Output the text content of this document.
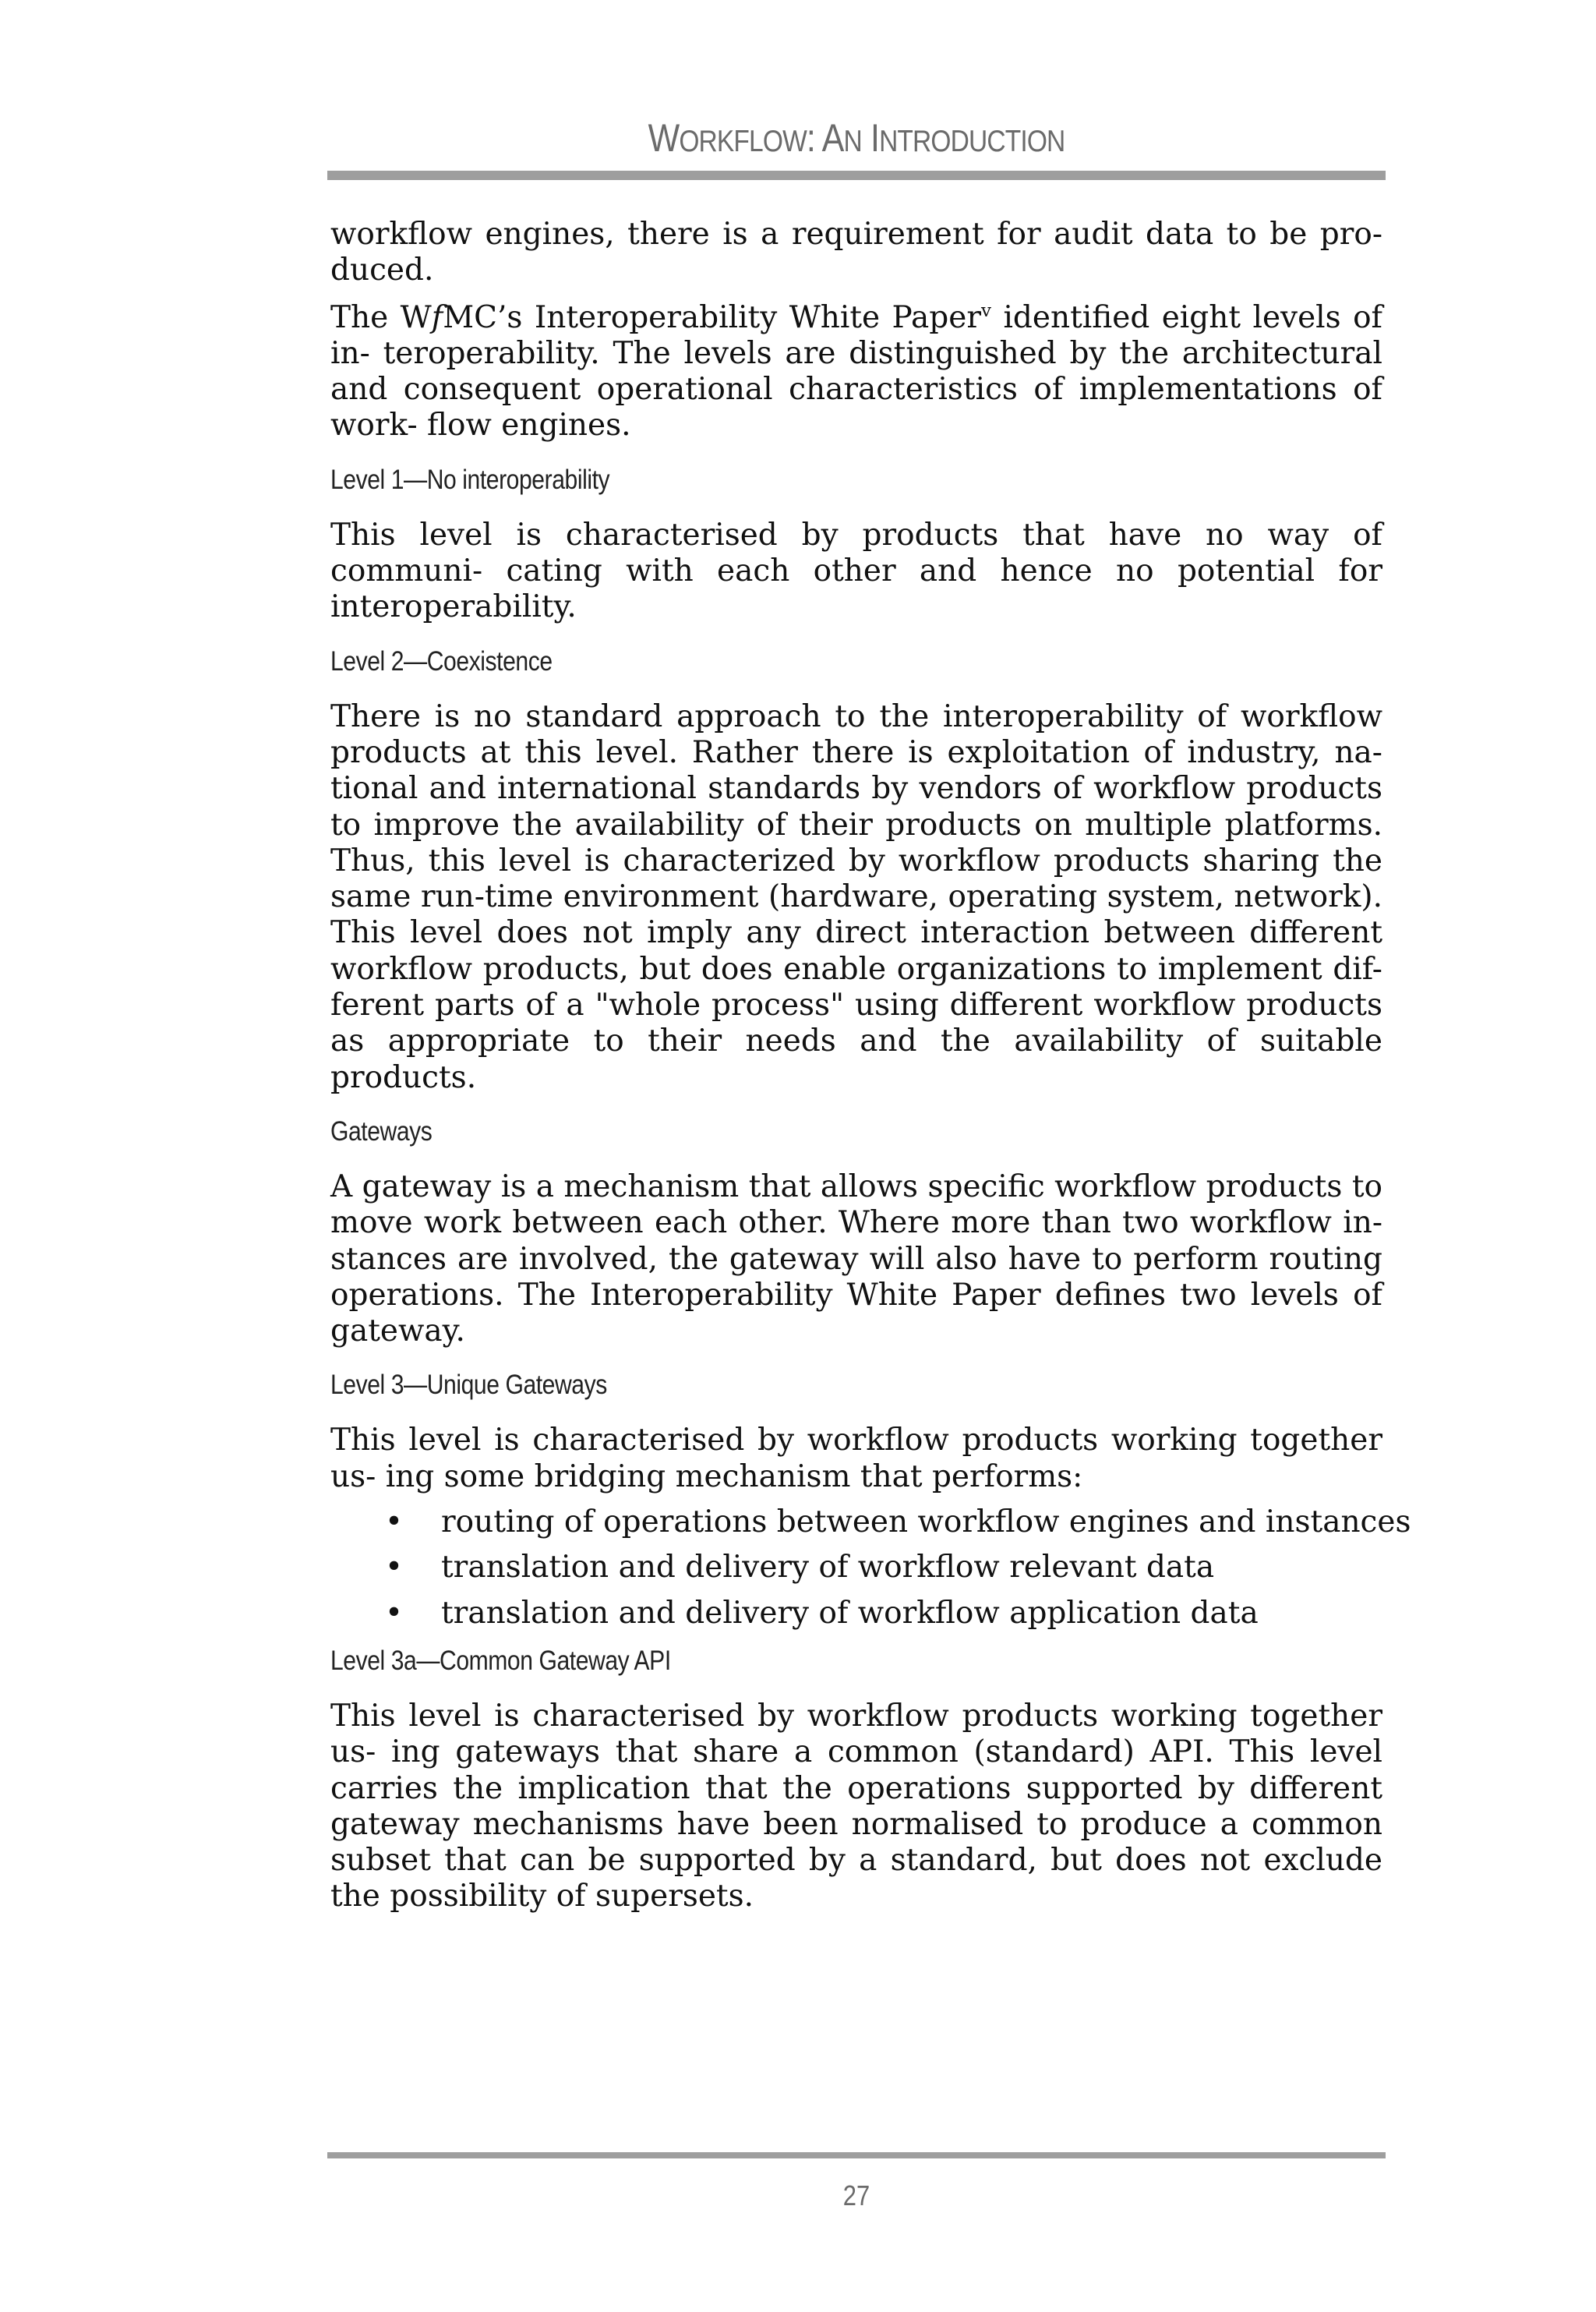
WORKFLOW: AN INTRODUCTION

workflow engines, there is a requirement for audit data to be pro- duced.

The WfMC’s Interoperability White Paper$^v$ identified eight levels of in- teroperability. The levels are distinguished by the architectural and consequent operational characteristics of implementations of work- flow engines.

Level 1—No interoperability

This level is characterised by products that have no way of communi- cating with each other and hence no potential for interoperability.

Level 2—Coexistence

There is no standard approach to the interoperability of workflow products at this level. Rather there is exploitation of industry, na- tional and international standards by vendors of workflow products to improve the availability of their products on multiple platforms. Thus, this level is characterized by workflow products sharing the same run-time environment (hardware, operating system, network). This level does not imply any direct interaction between different workflow products, but does enable organizations to implement dif- ferent parts of a "whole process" using different workflow products as appropriate to their needs and the availability of suitable products.

Gateways

A gateway is a mechanism that allows specific workflow products to move work between each other. Where more than two workflow in- stances are involved, the gateway will also have to perform routing operations. The Interoperability White Paper defines two levels of gateway.

Level 3—Unique Gateways

This level is characterised by workflow products working together us- ing some bridging mechanism that performs:

• routing of operations between workflow engines and instances
• translation and delivery of workflow relevant data
• translation and delivery of workflow application data
Level 3a—Common Gateway API

This level is characterised by workflow products working together us- ing gateways that share a common (standard) API. This level carries the implication that the operations supported by different gateway mechanisms have been normalised to produce a common subset that can be supported by a standard, but does not exclude the possibility of supersets.

27
